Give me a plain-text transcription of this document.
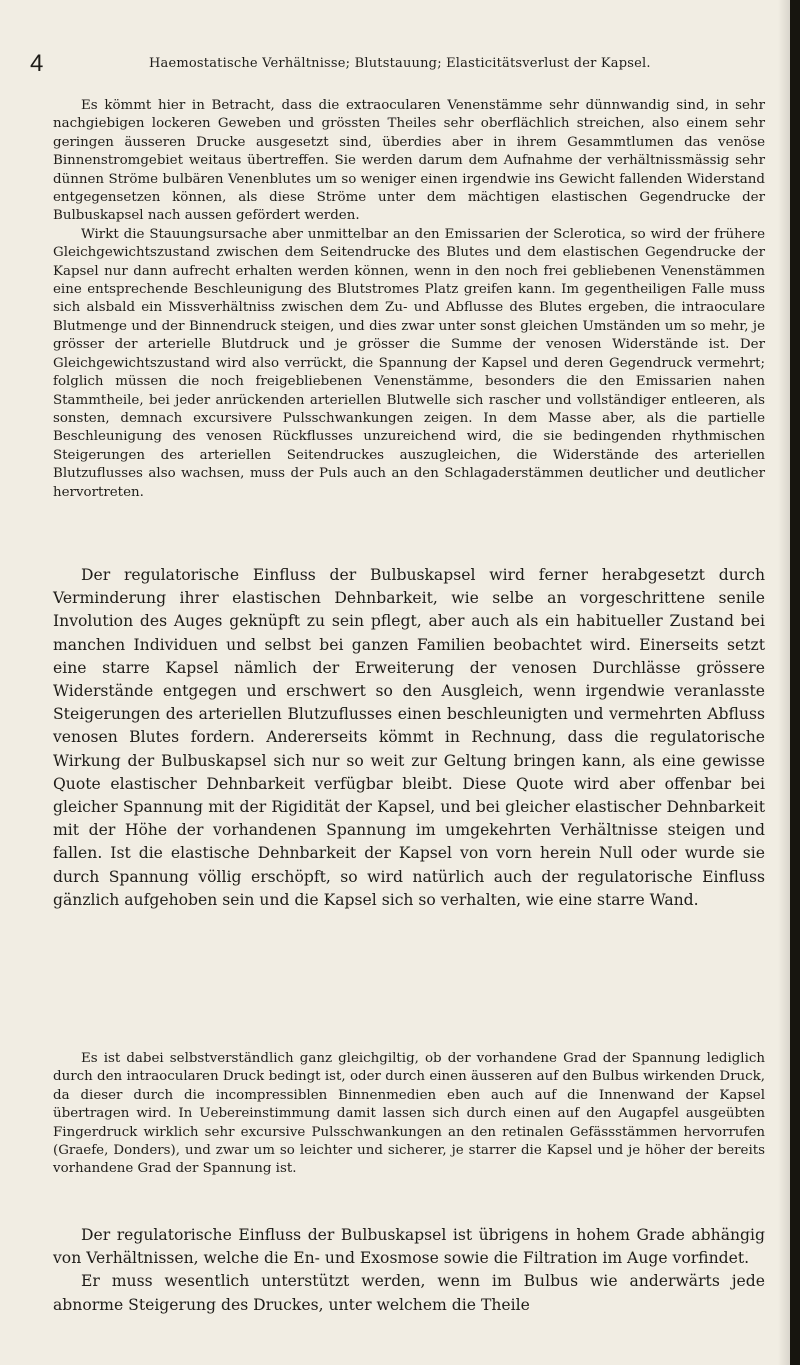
4	Haemostatische Verhältnisse; Blutstauung; Elasticitätsverlust der Kapsel.

Es kömmt hier in Betracht, dass die extraocularen Venenstämme sehr dünnwandig sind, in sehr nachgiebigen lockeren Geweben und grössten Theiles sehr oberflächlich streichen, also einem sehr geringen äusseren Drucke ausgesetzt sind, überdies aber in ihrem Gesammtlumen das venöse Binnenstromgebiet weitaus übertreffen. Sie werden darum dem Aufnahme der verhältnissmässig sehr dünnen Ströme bulbären Venenblutes um so weniger einen irgendwie ins Gewicht fallenden Widerstand entgegensetzen können, als diese Ströme unter dem mächtigen elastischen Gegendrucke der Bulbuskapsel nach aussen gefördert werden.

Wirkt die Stauungsursache aber unmittelbar an den Emissarien der Sclerotica, so wird der frühere Gleichgewichtszustand zwischen dem Seitendrucke des Blutes und dem elastischen Gegendrucke der Kapsel nur dann aufrecht erhalten werden können, wenn in den noch frei gebliebenen Venenstämmen eine entsprechende Beschleunigung des Blutstromes Platz greifen kann. Im gegentheiligen Falle muss sich alsbald ein Missverhältniss zwischen dem Zu- und Abflusse des Blutes ergeben, die intraoculare Blutmenge und der Binnendruck steigen, und dies zwar unter sonst gleichen Umständen um so mehr, je grösser der arterielle Blutdruck und je grösser die Summe der venosen Widerstände ist. Der Gleichgewichtszustand wird also verrückt, die Spannung der Kapsel und deren Gegendruck vermehrt; folglich müssen die noch freigebliebenen Venenstämme, besonders die den Emissarien nahen Stammtheile, bei jeder anrückenden arteriellen Blutwelle sich rascher und vollständiger entleeren, als sonsten, demnach excursivere Pulsschwankungen zeigen. In dem Masse aber, als die partielle Beschleunigung des venosen Rückflusses unzureichend wird, die sie bedingenden rhythmischen Steigerungen des arteriellen Seitendruckes auszugleichen, die Widerstände des arteriellen Blutzuflusses also wachsen, muss der Puls auch an den Schlagaderstämmen deutlicher und deutlicher hervortreten.

Der regulatorische Einfluss der Bulbuskapsel wird ferner herabgesetzt durch Verminderung ihrer elastischen Dehnbarkeit, wie selbe an vorgeschrittene senile Involution des Auges geknüpft zu sein pflegt, aber auch als ein habitueller Zustand bei manchen Individuen und selbst bei ganzen Familien beobachtet wird. Einerseits setzt eine starre Kapsel nämlich der Erweiterung der venosen Durchlässe grössere Widerstände entgegen und erschwert so den Ausgleich, wenn irgendwie veranlasste Steigerungen des arteriellen Blutzuflusses einen beschleunigten und vermehrten Abfluss venosen Blutes fordern. Andererseits kömmt in Rechnung, dass die regulatorische Wirkung der Bulbuskapsel sich nur so weit zur Geltung bringen kann, als eine gewisse Quote elastischer Dehnbarkeit verfügbar bleibt. Diese Quote wird aber offenbar bei gleicher Spannung mit der Rigidität der Kapsel, und bei gleicher elastischer Dehnbarkeit mit der Höhe der vorhandenen Spannung im umgekehrten Verhältnisse steigen und fallen. Ist die elastische Dehnbarkeit der Kapsel von vorn herein Null oder wurde sie durch Spannung völlig erschöpft, so wird natürlich auch der regulatorische Einfluss gänzlich aufgehoben sein und die Kapsel sich so verhalten, wie eine starre Wand.

Es ist dabei selbstverständlich ganz gleichgiltig, ob der vorhandene Grad der Spannung lediglich durch den intraocularen Druck bedingt ist, oder durch einen äusseren auf den Bulbus wirkenden Druck, da dieser durch die incompressiblen Binnenmedien eben auch auf die Innenwand der Kapsel übertragen wird. In Uebereinstimmung damit lassen sich durch einen auf den Augapfel ausgeübten Fingerdruck wirklich sehr excursive Pulsschwankungen an den retinalen Gefässstämmen hervorrufen (Graefe, Donders), und zwar um so leichter und sicherer, je starrer die Kapsel und je höher der bereits vorhandene Grad der Spannung ist.

Der regulatorische Einfluss der Bulbuskapsel ist übrigens in hohem Grade abhängig von Verhältnissen, welche die En- und Exosmose sowie die Filtration im Auge vorfindet.

Er muss wesentlich unterstützt werden, wenn im Bulbus wie anderwärts jede abnorme Steigerung des Druckes, unter welchem die Theile
